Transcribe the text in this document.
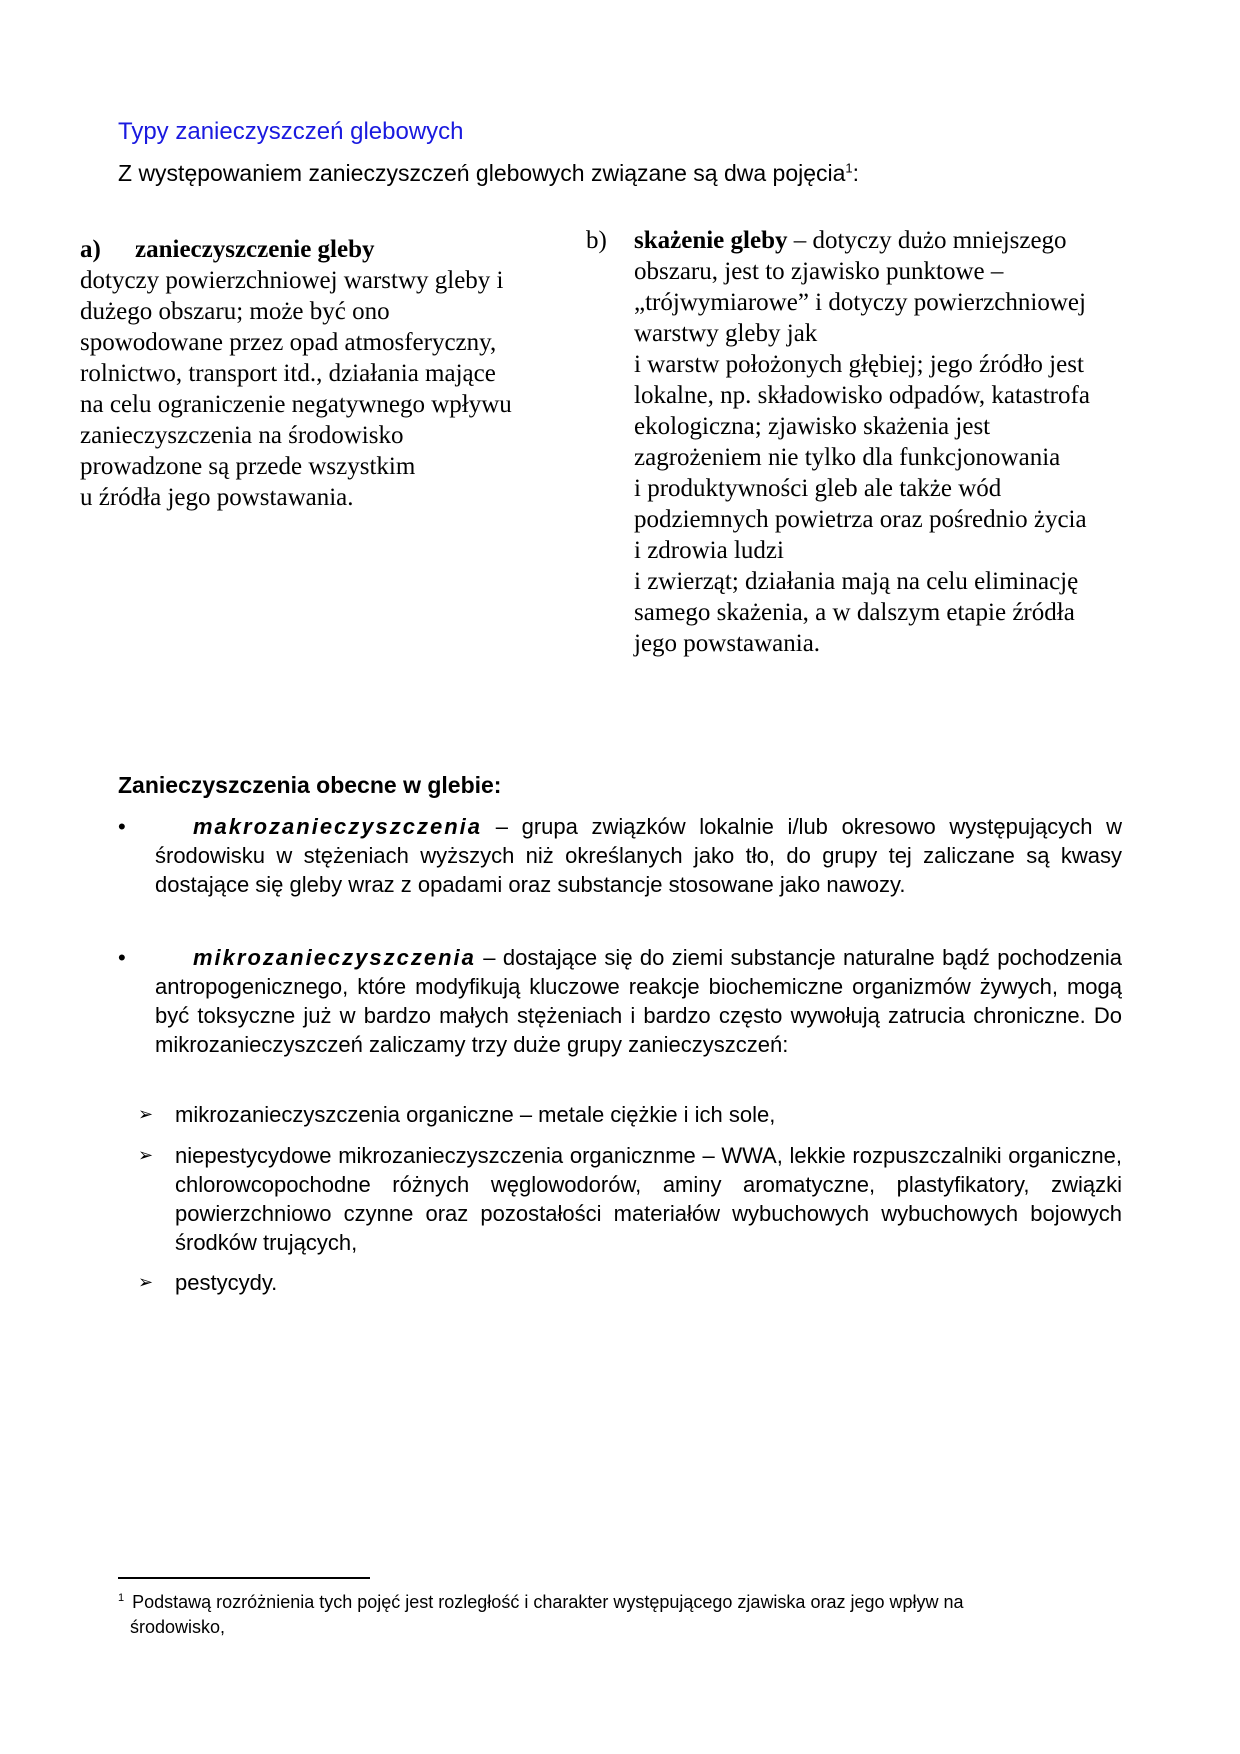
Typy zanieczyszczeń glebowych
Z występowaniem zanieczyszczeń glebowych związane są dwa pojęcia$^1$:
a) zanieczyszczenie gleby
dotyczy powierzchniowej warstwy gleby i
dużego obszaru; może być ono
spowodowane przez opad atmosferyczny,
rolnictwo, transport itd., działania mające
na celu ograniczenie negatywnego wpływu
zanieczyszczenia na środowisko
prowadzone są przede wszystkim
u źródła jego powstawania.
b) skażenie gleby – dotyczy dużo mniejszego
obszaru, jest to zjawisko punktowe –
„trójwymiarowe” i dotyczy powierzchniowej
warstwy gleby jak
i warstw położonych głębiej; jego źródło jest
lokalne, np. składowisko odpadów, katastrofa
ekologiczna; zjawisko skażenia jest
zagrożeniem nie tylko dla funkcjonowania
i produktywności gleb ale także wód
podziemnych powietrza oraz pośrednio życia
i zdrowia ludzi
i zwierząt; działania mają na celu eliminację
samego skażenia, a w dalszym etapie źródła
jego powstawania.
Zanieczyszczenia obecne w glebie:
•	makrozanieczyszczenia – grupa związków lokalnie i/lub okresowo występujących w środowisku w stężeniach wyższych niż określanych jako tło, do grupy tej zaliczane są kwasy dostające się gleby wraz z opadami oraz substancje stosowane jako nawozy.
•	mikrozanieczyszczenia – dostające się do ziemi substancje naturalne bądź pochodzenia antropogenicznego, które modyfikują kluczowe reakcje biochemiczne organizmów żywych, mogą być toksyczne już w bardzo małych stężeniach i bardzo często wywołują zatrucia chroniczne. Do mikrozanieczyszczeń zaliczamy trzy duże grupy zanieczyszczeń:
➢ mikrozanieczyszczenia organiczne – metale ciężkie i ich sole,
➢ niepestycydowe mikrozanieczyszczenia organicznme – WWA, lekkie rozpuszczalniki organiczne, chlorowcopochodne różnych węglowodorów, aminy aromatyczne, plastyfikatory, związki powierzchniowo czynne oraz pozostałości materiałów wybuchowych wybuchowych bojowych środków trujących,
➢ pestycydy.
$^1$ Podstawą rozróżnienia tych pojęć jest rozległość i charakter występującego zjawiska oraz jego wpływ na
środowisko,
